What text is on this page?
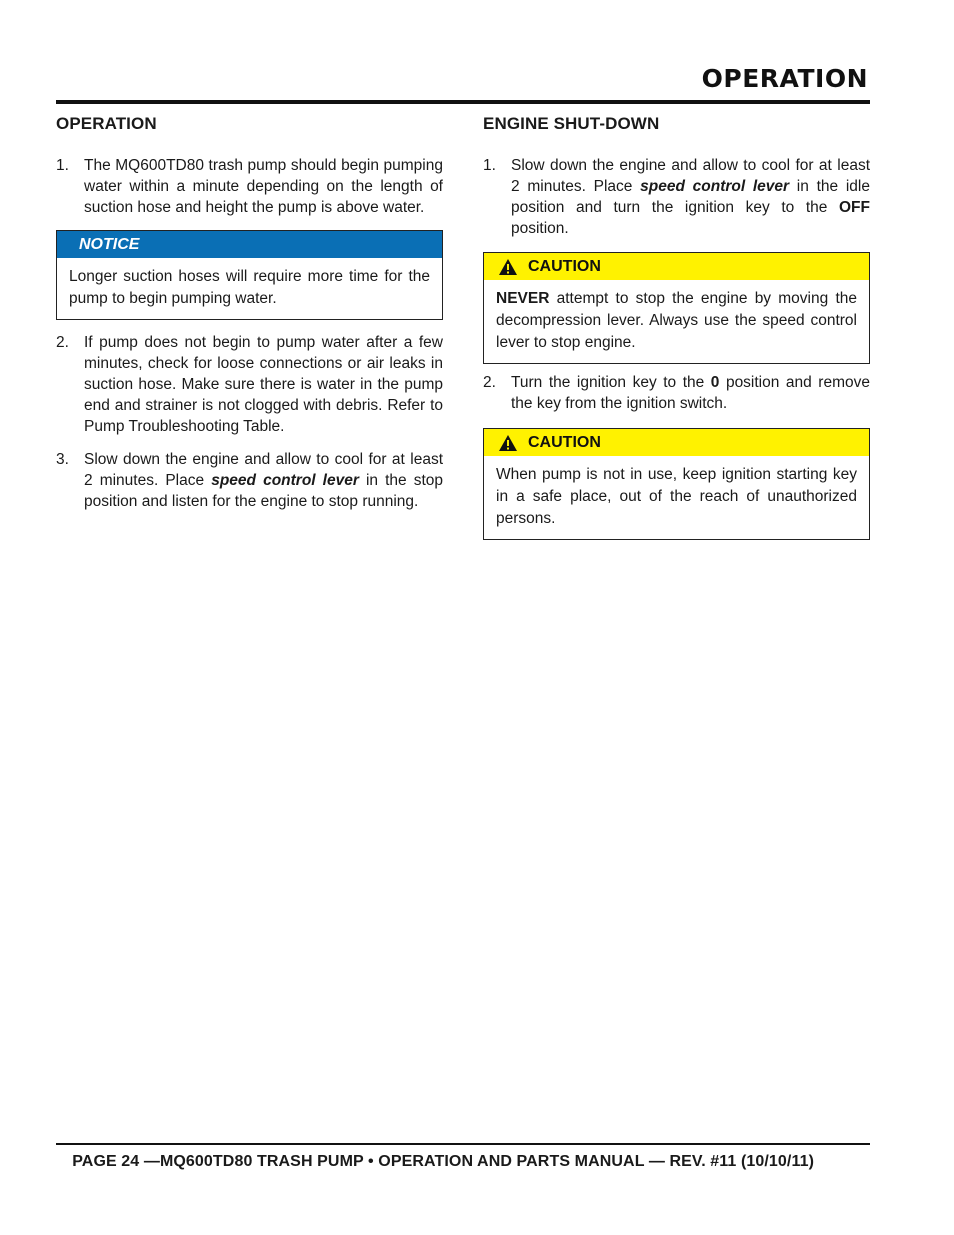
OPERATION
OPERATION
1. The MQ600TD80 trash pump should begin pumping water within a minute depending on the length of suction hose and height the pump is above water.
NOTICE
Longer suction hoses will require more time for the pump to begin pumping water.
2. If pump does not begin to pump water after a few minutes, check for loose connections or air leaks in suction hose. Make sure there is water in the pump end and strainer is not clogged with debris. Refer to Pump Troubleshooting Table.
3. Slow down the engine and allow to cool for at least 2 minutes. Place speed control lever in the stop position and listen for the engine to stop running.
ENGINE SHUT-DOWN
1. Slow down the engine and allow to cool for at least 2 minutes. Place speed control lever in the idle position and turn the ignition key to the OFF position.
CAUTION
NEVER attempt to stop the engine by moving the decompression lever. Always use the speed control lever to stop engine.
2. Turn the ignition key to the 0 position and remove the key from the ignition switch.
CAUTION
When pump is not in use, keep ignition starting key in a safe place, out of the reach of unauthorized persons.
PAGE 24 —MQ600TD80 TRASH PUMP • OPERATION AND PARTS MANUAL — REV. #11 (10/10/11)
